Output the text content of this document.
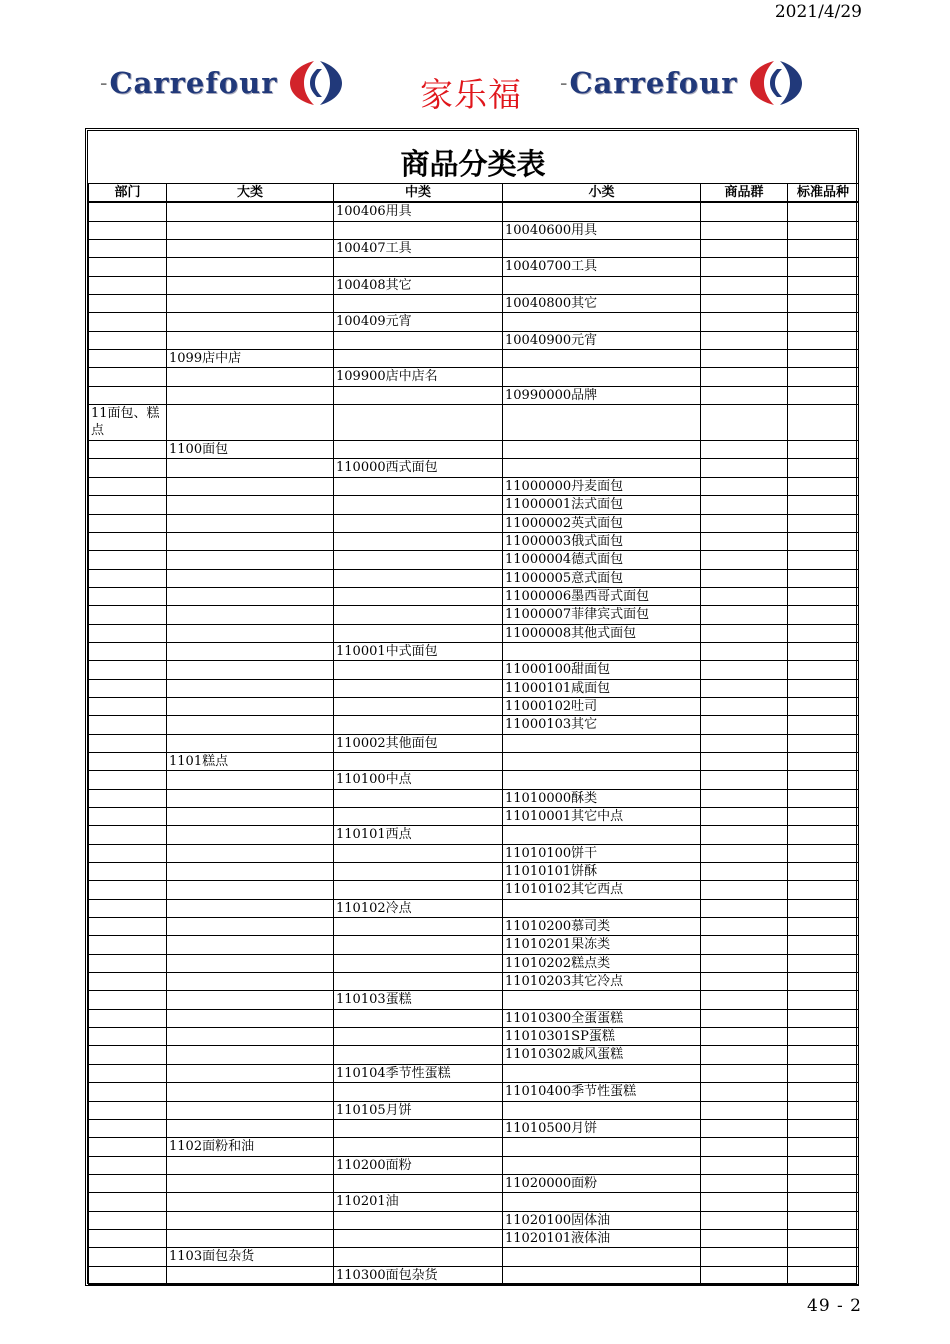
2021/4/29
- Carrefour	家乐福 - Carrefour
商品分类表
部门	大类	中类	小类	商品群	标准品种
		100406用具			
			10040600用具		
		100407工具			
			10040700工具		
		100408其它			
			10040800其它		
		100409元宵			
			10040900元宵		
	1099店中店				
		109900店中店名			
			10990000品牌		
11面包、糕点					
	1100面包				
		110000西式面包			
			11000000丹麦面包		
			11000001法式面包		
			11000002英式面包		
			11000003俄式面包		
			11000004德式面包		
			11000005意式面包		
			11000006墨西哥式面包		
			11000007菲律宾式面包		
			11000008其他式面包		
		110001中式面包			
			11000100甜面包		
			11000101咸面包		
			11000102吐司		
			11000103其它		
		110002其他面包			
	1101糕点				
		110100中点			
			11010000酥类		
			11010001其它中点		
		110101西点			
			11010100饼干		
			11010101饼酥		
			11010102其它西点		
		110102冷点			
			11010200慕司类		
			11010201果冻类		
			11010202糕点类		
			11010203其它冷点		
		110103蛋糕			
			11010300全蛋蛋糕		
			11010301SP蛋糕		
			11010302戚风蛋糕		
		110104季节性蛋糕			
			11010400季节性蛋糕		
		110105月饼			
			11010500月饼		
	1102面粉和油				
		110200面粉			
			11020000面粉		
		110201油			
			11020100固体油		
			11020101液体油		
	1103面包杂货				
		110300面包杂货			
49 - 2
